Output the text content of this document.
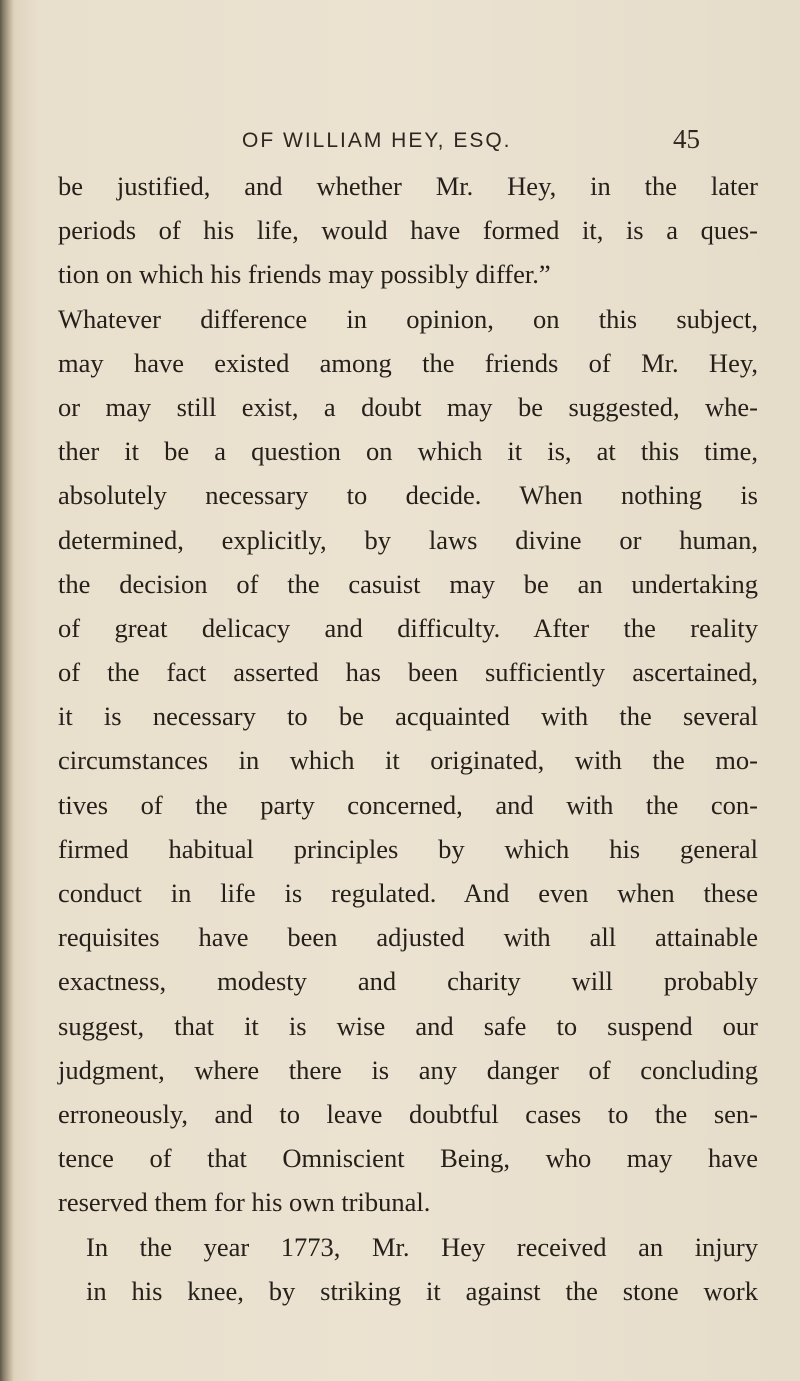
OF WILLIAM HEY, ESQ.	45
be justified, and whether Mr. Hey, in the later
periods of his life, would have formed it, is a ques-
tion on which his friends may possibly differ.”
Whatever difference in opinion, on this subject,
may have existed among the friends of Mr. Hey,
or may still exist, a doubt may be suggested, whe-
ther it be a question on which it is, at this time,
absolutely necessary to decide. When nothing is
determined, explicitly, by laws divine or human,
the decision of the casuist may be an undertaking
of great delicacy and difficulty. After the reality
of the fact asserted has been sufficiently ascertained,
it is necessary to be acquainted with the several
circumstances in which it originated, with the mo-
tives of the party concerned, and with the con-
firmed habitual principles by which his general
conduct in life is regulated. And even when these
requisites have been adjusted with all attainable
exactness, modesty and charity will probably
suggest, that it is wise and safe to suspend our
judgment, where there is any danger of concluding
erroneously, and to leave doubtful cases to the sen-
tence of that Omniscient Being, who may have
reserved them for his own tribunal.
In the year 1773, Mr. Hey received an injury
in his knee, by striking it against the stone work
